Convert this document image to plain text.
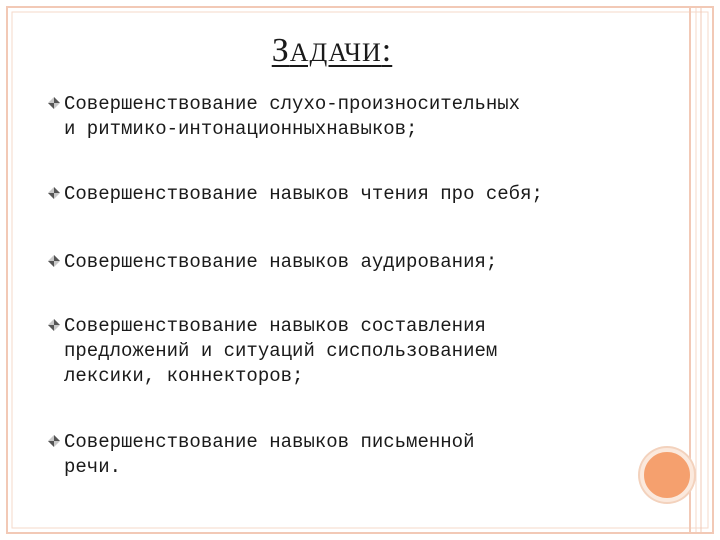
ЗАДАЧИ:
Совершенствование слухо-произносительных
и ритмико-интонационныхнавыков;
Совершенствование навыков чтения про себя;
Совершенствование навыков аудирования;
Совершенствование навыков составления
предложений и ситуаций сиспользованием
лексики, коннекторов;
Совершенствование навыков письменной
речи.
